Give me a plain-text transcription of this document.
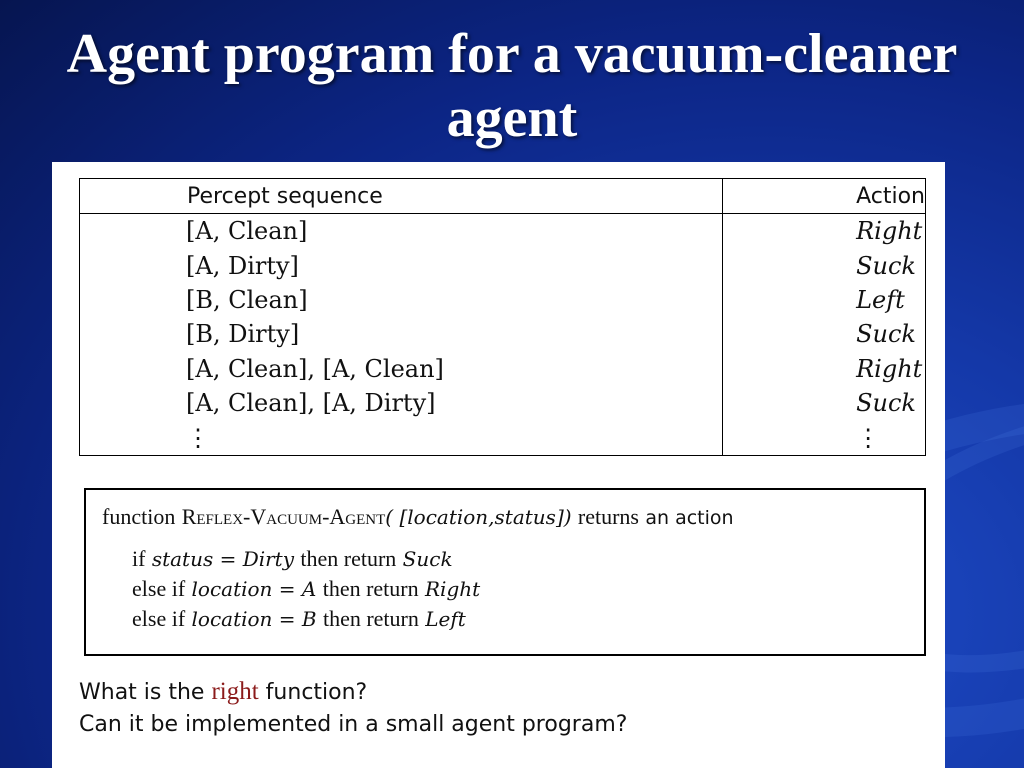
Agent program for a vacuum-cleaner agent
Percept sequence	Action
[A, Clean]	Right
[A, Dirty]	Suck
[B, Clean]	Left
[B, Dirty]	Suck
[A, Clean], [A, Clean]	Right
[A, Clean], [A, Dirty]	Suck
⋮	⋮
function Reflex-Vacuum-Agent( [location,status]) returns an action
if status = Dirty then return Suck
else if location = A then return Right
else if location = B then return Left
What is the right function?
Can it be implemented in a small agent program?
